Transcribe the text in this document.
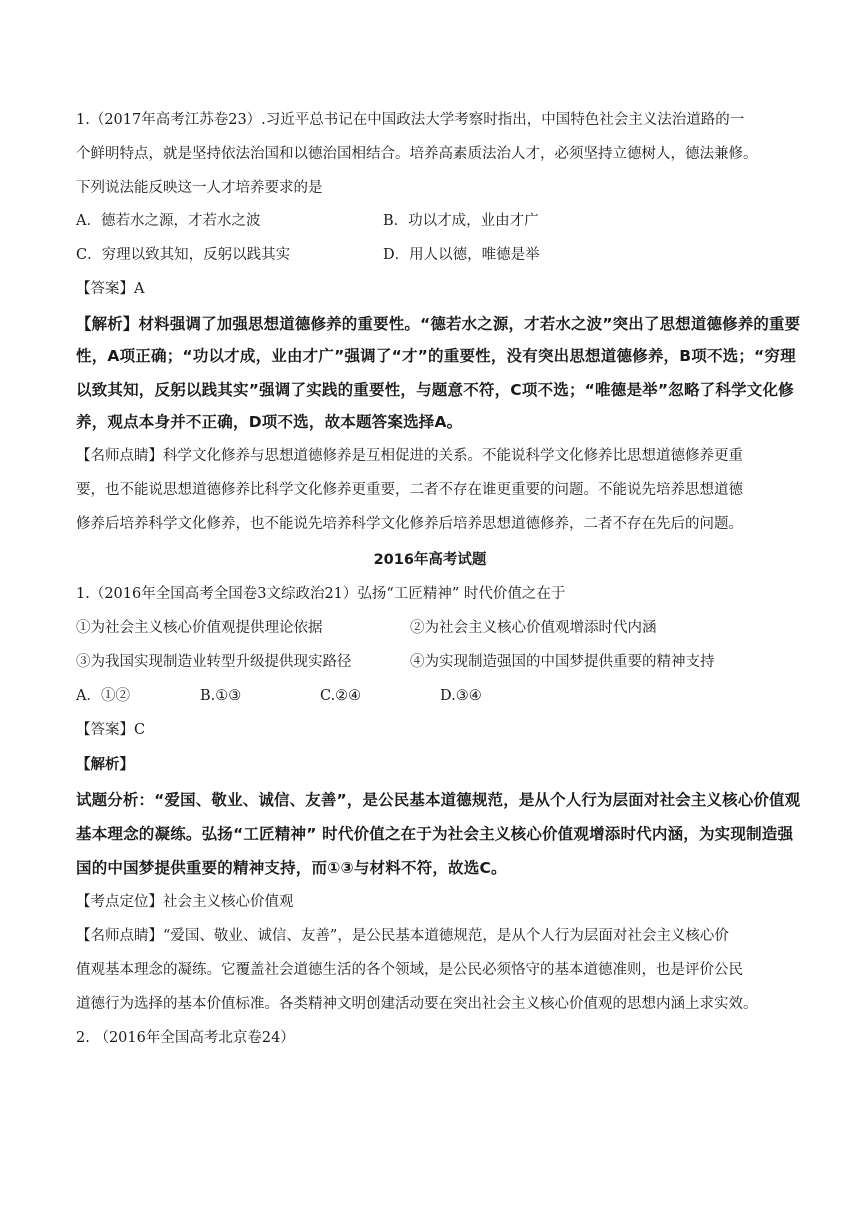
1.（2017年高考江苏卷23）.习近平总书记在中国政法大学考察时指出，中国特色社会主义法治道路的一
个鲜明特点，就是坚持依法治国和以德治国相结合。培养高素质法治人才，必须坚持立德树人，德法兼修。
下列说法能反映这一人才培养要求的是
A．德若水之源，才若水之波	B．功以才成，业由才广
C．穷理以致其知，反躬以践其实	D．用人以德，唯德是举
【答案】A
【解析】材料强调了加强思想道德修养的重要性。“德若水之源，才若水之波”突出了思想道德修养的重要
性，A项正确；“功以才成，业由才广”强调了“才”的重要性，没有突出思想道德修养，B项不选；“穷理
以致其知，反躬以践其实”强调了实践的重要性，与题意不符，C项不选；“唯德是举”忽略了科学文化修
养，观点本身并不正确，D项不选，故本题答案选择A。
【名师点睛】科学文化修养与思想道德修养是互相促进的关系。不能说科学文化修养比思想道德修养更重
要，也不能说思想道德修养比科学文化修养更重要，二者不存在谁更重要的问题。不能说先培养思想道德
修养后培养科学文化修养，也不能说先培养科学文化修养后培养思想道德修养，二者不存在先后的问题。
2016年高考试题
1.（2016年全国高考全国卷3文综政治21）弘扬“工匠精神” 时代价值之在于
①为社会主义核心价值观提供理论依据	②为社会主义核心价值观增添时代内涵
③为我国实现制造业转型升级提供现实路径	④为实现制造强国的中国梦提供重要的精神支持
A．①②	B.①③	C.②④	D.③④
【答案】C
【解析】
试题分析：“爱国、敬业、诚信、友善”，是公民基本道德规范，是从个人行为层面对社会主义核心价值观
基本理念的凝练。弘扬“工匠精神” 时代价值之在于为社会主义核心价值观增添时代内涵，为实现制造强
国的中国梦提供重要的精神支持，而①③与材料不符，故选C。
【考点定位】社会主义核心价值观
【名师点睛】“爱国、敬业、诚信、友善”，是公民基本道德规范，是从个人行为层面对社会主义核心价
值观基本理念的凝练。它覆盖社会道德生活的各个领域，是公民必须恪守的基本道德准则，也是评价公民
道德行为选择的基本价值标准。各类精神文明创建活动要在突出社会主义核心价值观的思想内涵上求实效。
2. （2016年全国高考北京卷24）
